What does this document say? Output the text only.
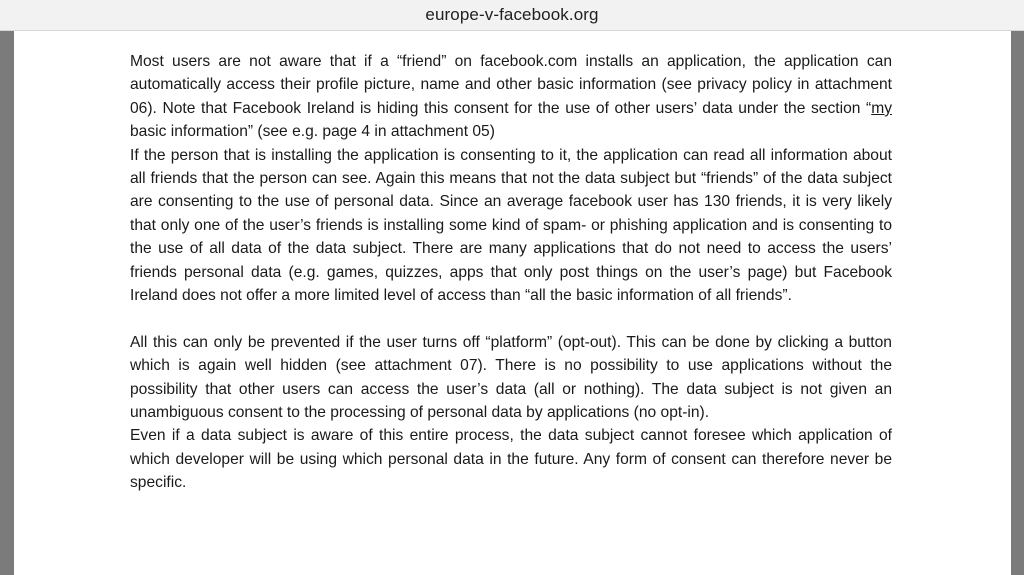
europe-v-facebook.org

Most users are not aware that if a “friend” on facebook.com installs an application, the application can automatically access their profile picture, name and other basic information (see privacy policy in attachment 06). Note that Facebook Ireland is hiding this consent for the use of other users’ data under the section “my basic information” (see e.g. page 4 in attachment 05)

If the person that is installing the application is consenting to it, the application can read all information about all friends that the person can see. Again this means that not the data subject but “friends” of the data subject are consenting to the use of personal data. Since an average facebook user has 130 friends, it is very likely that only one of the user’s friends is installing some kind of spam- or phishing application and is consenting to the use of all data of the data subject. There are many applications that do not need to access the users’ friends personal data (e.g. games, quizzes, apps that only post things on the user’s page) but Facebook Ireland does not offer a more limited level of access than “all the basic information of all friends”.

All this can only be prevented if the user turns off “platform” (opt-out). This can be done by clicking a button which is again well hidden (see attachment 07). There is no possibility to use applications without the possibility that other users can access the user’s data (all or nothing). The data subject is not given an unambiguous consent to the processing of personal data by applications (no opt-in).

Even if a data subject is aware of this entire process, the data subject cannot foresee which application of which developer will be using which personal data in the future. Any form of consent can therefore never be specific.
